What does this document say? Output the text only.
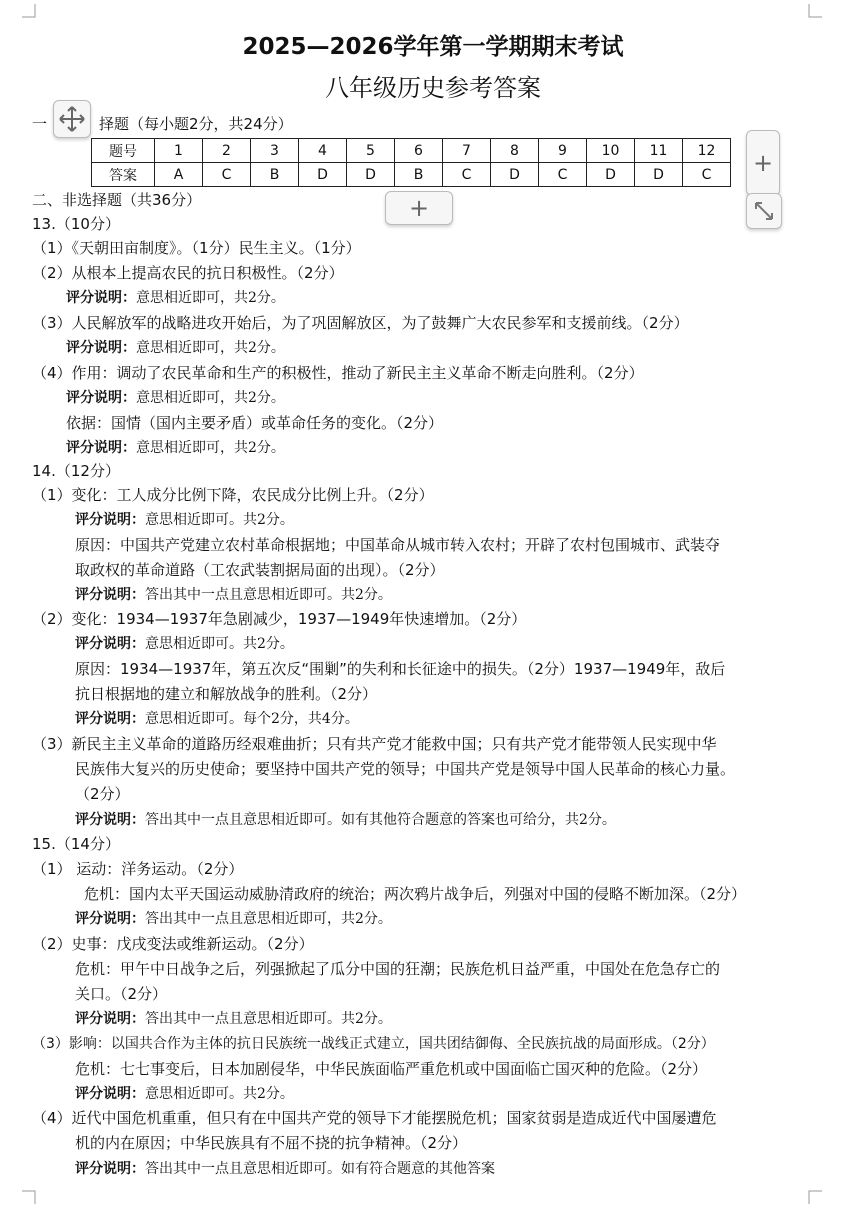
2025—2026学年第一学期期末考试
八年级历史参考答案
一	择题（每小题2分，共24分）
题号	1	2	3	4	5	6	7	8	9	10	11	12
答案	A	C	B	D	D	B	C	D	C	D	D	C +
+
二、非选择题（共36分）
13.（10分）
（1）《天朝田亩制度》。（1分）民生主义。（1分）
（2）从根本上提高农民的抗日积极性。（2分）
评分说明：意思相近即可，共2分。
（3）人民解放军的战略进攻开始后，为了巩固解放区，为了鼓舞广大农民参军和支援前线。（2分）
评分说明：意思相近即可，共2分。
（4）作用：调动了农民革命和生产的积极性，推动了新民主主义革命不断走向胜利。（2分）
评分说明：意思相近即可，共2分。
依据：国情（国内主要矛盾）或革命任务的变化。（2分）
评分说明：意思相近即可，共2分。
14.（12分）
（1）变化：工人成分比例下降，农民成分比例上升。（2分）
评分说明：意思相近即可。共2分。
原因：中国共产党建立农村革命根据地；中国革命从城市转入农村；开辟了农村包围城市、武装夺
取政权的革命道路（工农武装割据局面的出现）。（2分）
评分说明：答出其中一点且意思相近即可。共2分。
（2）变化：1934—1937年急剧减少，1937—1949年快速增加。（2分）
评分说明：意思相近即可。共2分。
原因：1934—1937年，第五次反“围剿”的失利和长征途中的损失。（2分）1937—1949年，敌后
抗日根据地的建立和解放战争的胜利。（2分）
评分说明：意思相近即可。每个2分，共4分。
（3）新民主主义革命的道路历经艰难曲折；只有共产党才能救中国；只有共产党才能带领人民实现中华
民族伟大复兴的历史使命；要坚持中国共产党的领导；中国共产党是领导中国人民革命的核心力量。
（2分）
评分说明：答出其中一点且意思相近即可。如有其他符合题意的答案也可给分，共2分。
15.（14分）
（1） 运动：洋务运动。（2分）
危机：国内太平天国运动威胁清政府的统治；两次鸦片战争后，列强对中国的侵略不断加深。（2分）
评分说明：答出其中一点且意思相近即可，共2分。
（2）史事：戊戌变法或维新运动。（2分）
危机：甲午中日战争之后，列强掀起了瓜分中国的狂潮；民族危机日益严重，中国处在危急存亡的
关口。（2分）
评分说明：答出其中一点且意思相近即可。共2分。
（3）影响：以国共合作为主体的抗日民族统一战线正式建立，国共团结御侮、全民族抗战的局面形成。（2分）
危机：七七事变后，日本加剧侵华，中华民族面临严重危机或中国面临亡国灭种的危险。（2分）
评分说明：意思相近即可。共2分。
（4）近代中国危机重重，但只有在中国共产党的领导下才能摆脱危机；国家贫弱是造成近代中国屡遭危
机的内在原因；中华民族具有不屈不挠的抗争精神。（2分）
评分说明：答出其中一点且意思相近即可。如有符合题意的其他答案
